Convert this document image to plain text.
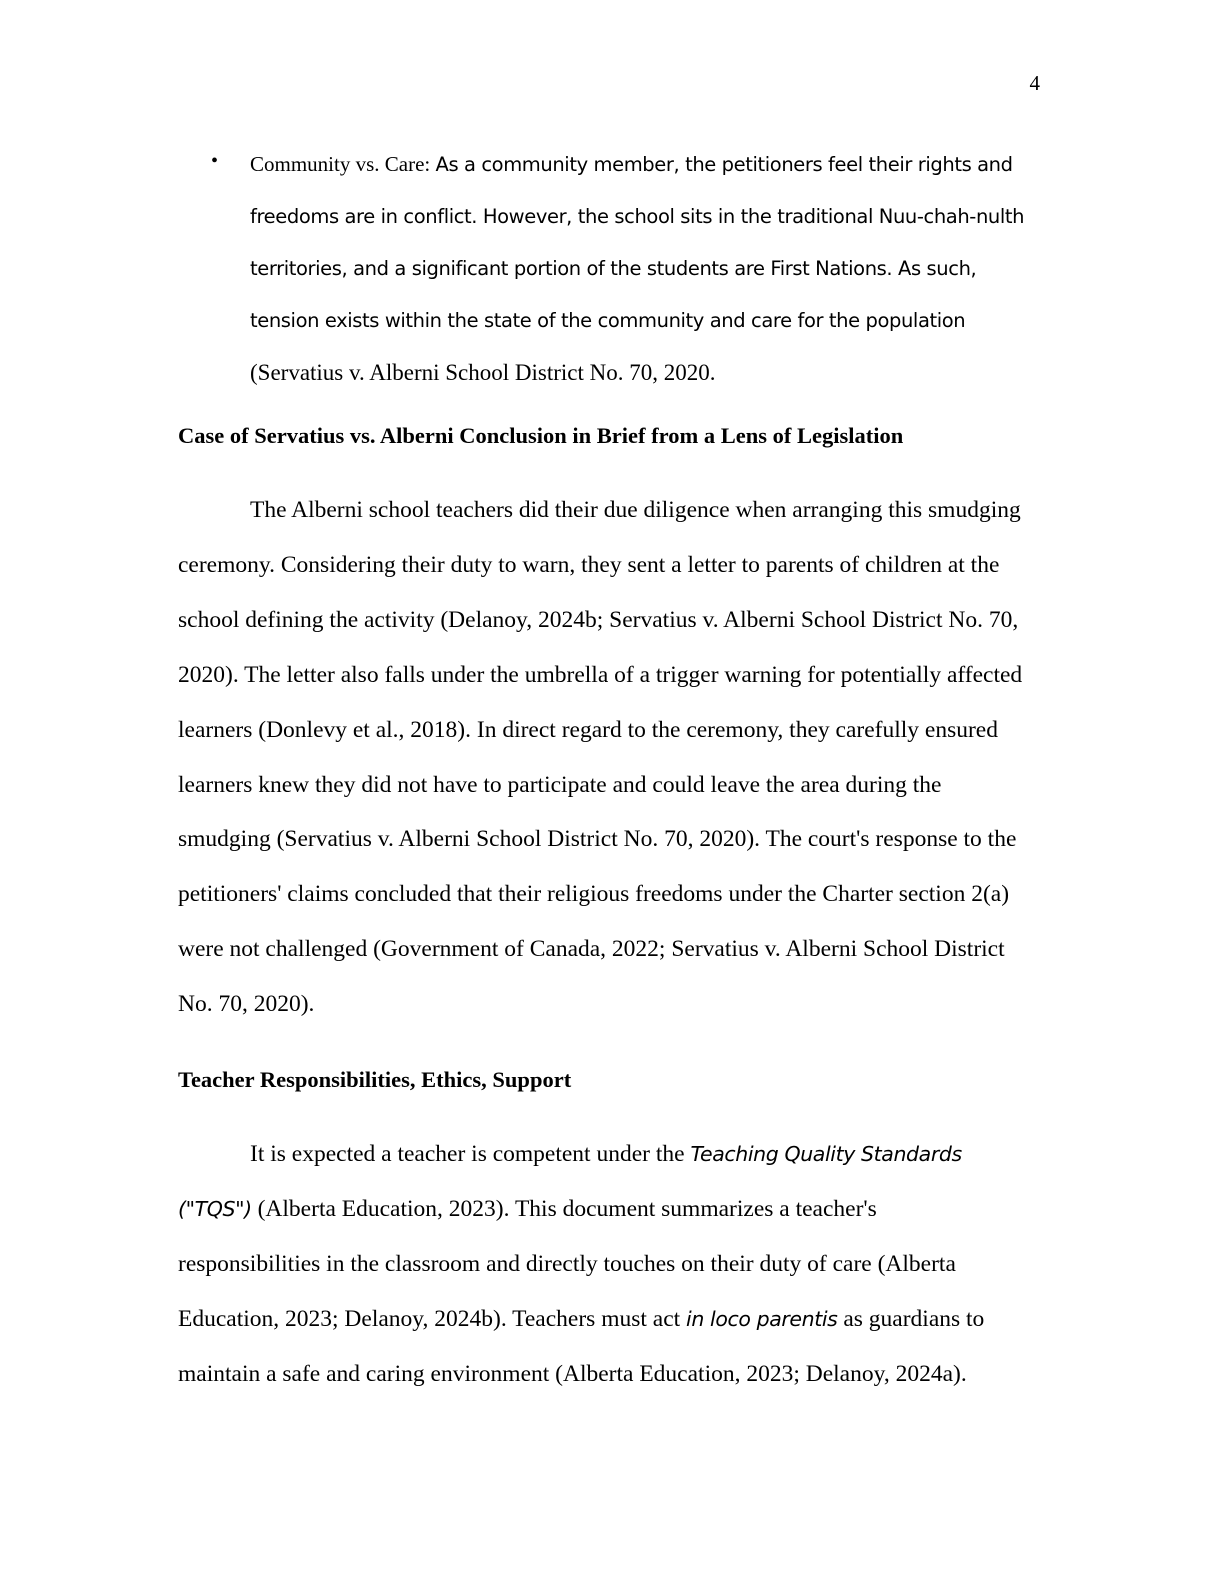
4
• Community vs. Care: As a community member, the petitioners feel their rights and
freedoms are in conflict. However, the school sits in the traditional Nuu-chah-nulth
territories, and a significant portion of the students are First Nations. As such,
tension exists within the state of the community and care for the population
(Servatius v. Alberni School District No. 70, 2020.
Case of Servatius vs. Alberni Conclusion in Brief from a Lens of Legislation
The Alberni school teachers did their due diligence when arranging this smudging
ceremony. Considering their duty to warn, they sent a letter to parents of children at the
school defining the activity (Delanoy, 2024b; Servatius v. Alberni School District No. 70,
2020). The letter also falls under the umbrella of a trigger warning for potentially affected
learners (Donlevy et al., 2018). In direct regard to the ceremony, they carefully ensured
learners knew they did not have to participate and could leave the area during the
smudging (Servatius v. Alberni School District No. 70, 2020). The court's response to the
petitioners' claims concluded that their religious freedoms under the Charter section 2(a)
were not challenged (Government of Canada, 2022; Servatius v. Alberni School District
No. 70, 2020).
Teacher Responsibilities, Ethics, Support
It is expected a teacher is competent under the Teaching Quality Standards
("TQS") (Alberta Education, 2023). This document summarizes a teacher's
responsibilities in the classroom and directly touches on their duty of care (Alberta
Education, 2023; Delanoy, 2024b). Teachers must act in loco parentis as guardians to
maintain a safe and caring environment (Alberta Education, 2023; Delanoy, 2024a).
